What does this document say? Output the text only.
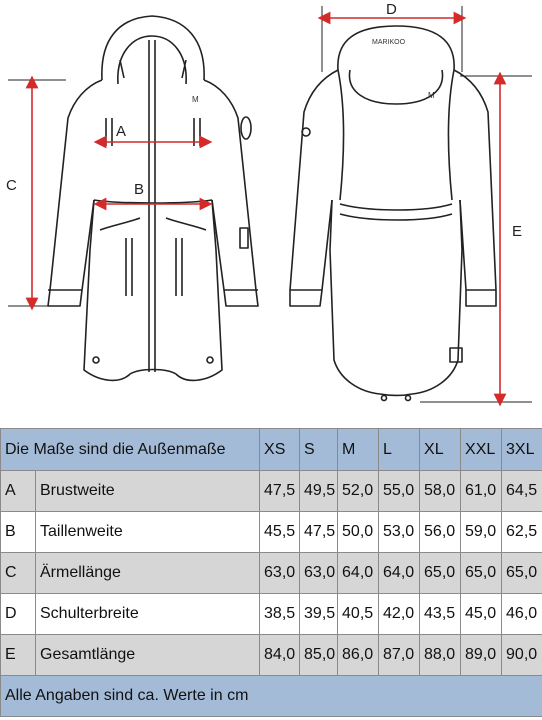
M
A
B
C
MARIKOO
M
D
E
Die Maße sind die Außenmaße		XS	S	M	L	XL	XXL	3XL
A	Brustweite	47,5	49,5	52,0	55,0	58,0	61,0	64,5
B	Taillenweite	45,5	47,5	50,0	53,0	56,0	59,0	62,5
C	Ärmellänge	63,0	63,0	64,0	64,0	65,0	65,0	65,0
D	Schulterbreite	38,5	39,5	40,5	42,0	43,5	45,0	46,0
E	Gesamtlänge	84,0	85,0	86,0	87,0	88,0	89,0	90,0
Alle Angaben sind ca. Werte in cm								
